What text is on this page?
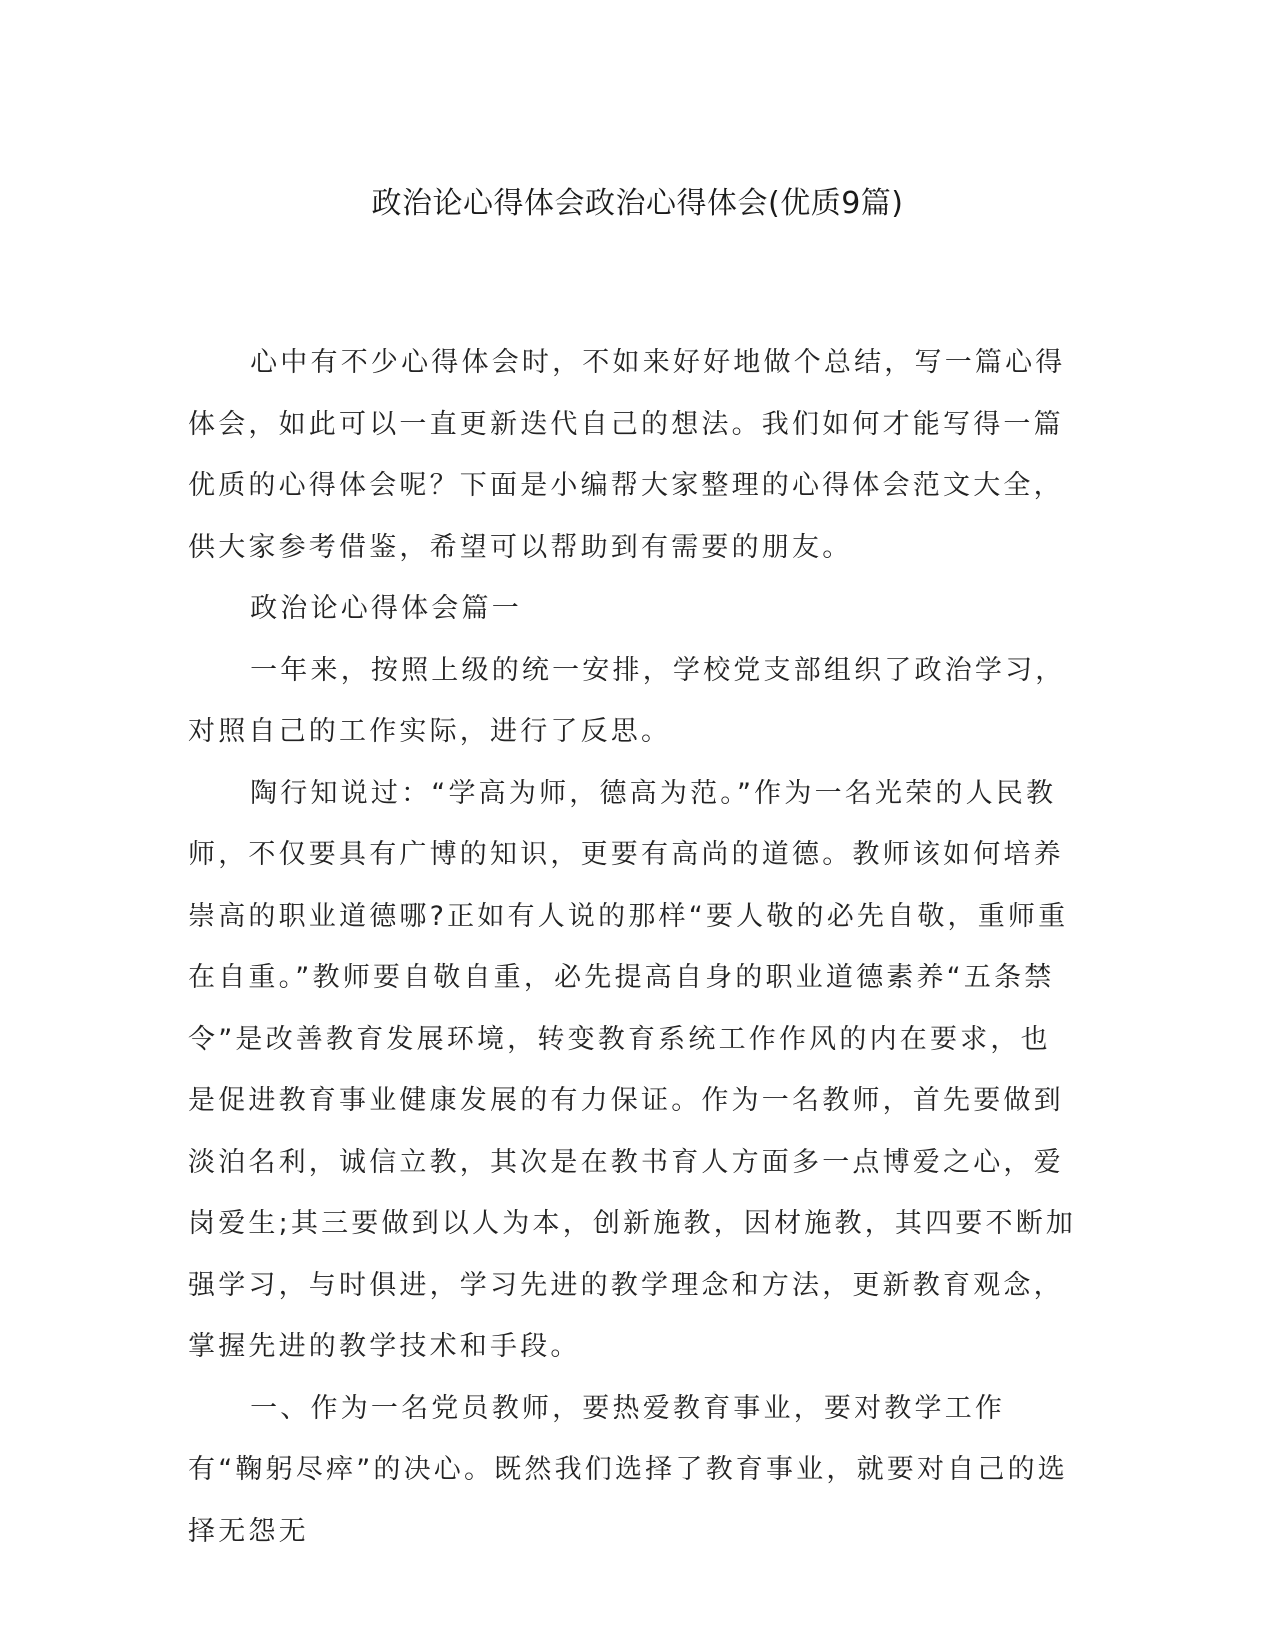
政治论心得体会政治心得体会(优质9篇)

心中有不少心得体会时，不如来好好地做个总结，写一篇心得体会，如此可以一直更新迭代自己的想法。我们如何才能写得一篇优质的心得体会呢？下面是小编帮大家整理的心得体会范文大全，供大家参考借鉴，希望可以帮助到有需要的朋友。

政治论心得体会篇一

一年来，按照上级的统一安排，学校党支部组织了政治学习，对照自己的工作实际，进行了反思。

陶行知说过：“学高为师，德高为范。”作为一名光荣的人民教师，不仅要具有广博的知识，更要有高尚的道德。教师该如何培养崇高的职业道德哪?正如有人说的那样“要人敬的必先自敬，重师重在自重。”教师要自敬自重，必先提高自身的职业道德素养“五条禁令”是改善教育发展环境，转变教育系统工作作风的内在要求，也是促进教育事业健康发展的有力保证。作为一名教师，首先要做到淡泊名利，诚信立教，其次是在教书育人方面多一点博爱之心，爱岗爱生;其三要做到以人为本，创新施教，因材施教，其四要不断加强学习，与时俱进，学习先进的教学理念和方法，更新教育观念，掌握先进的教学技术和手段。

一、作为一名党员教师，要热爱教育事业，要对教学工作有“鞠躬尽瘁”的决心。既然我们选择了教育事业，就要对自己的选择无怨无
